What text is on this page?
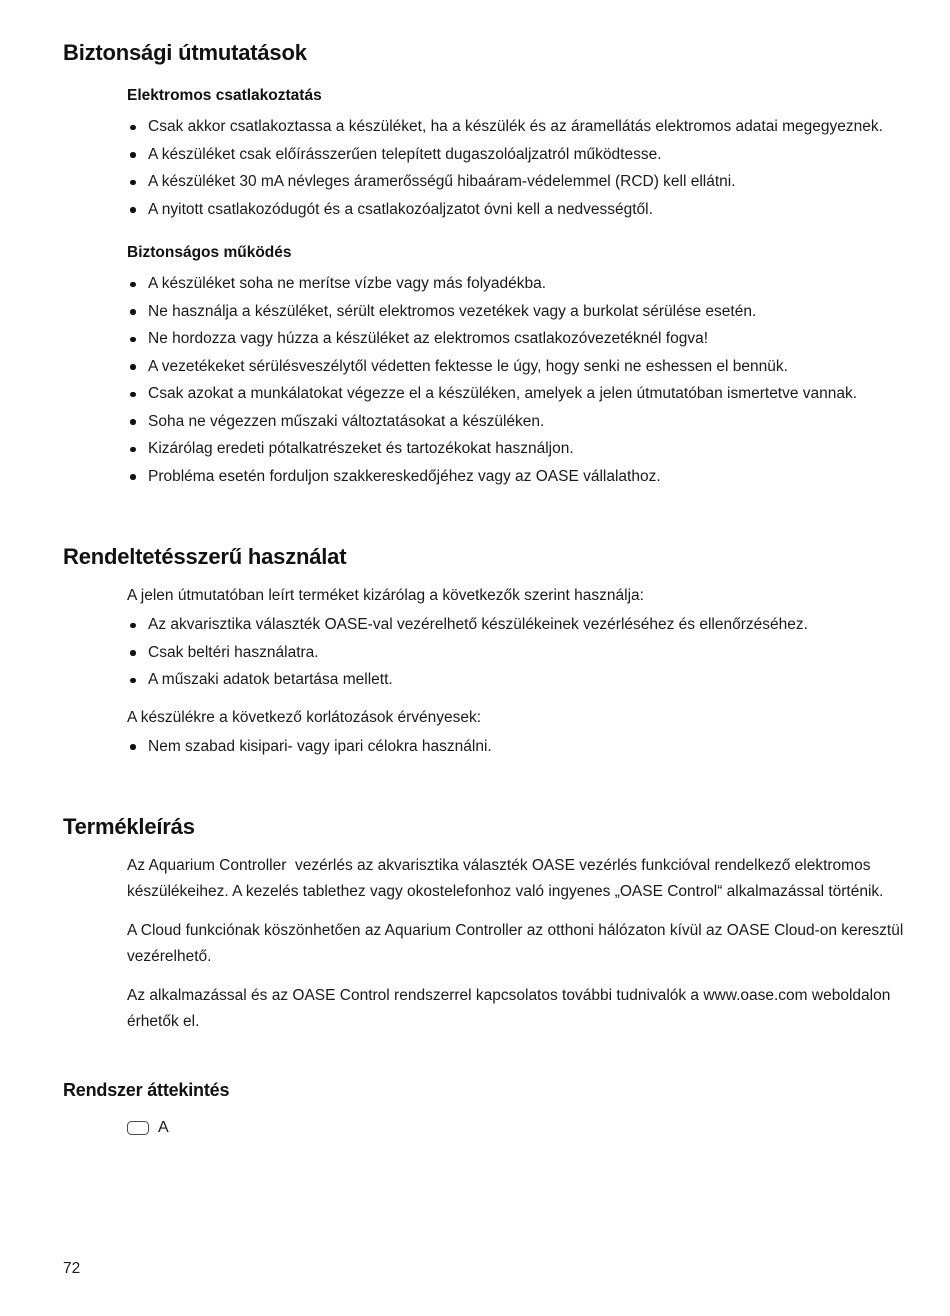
Biztonsági útmutatások
Elektromos csatlakoztatás
Csak akkor csatlakoztassa a készüléket, ha a készülék és az áramellátás elektromos adatai megegyeznek.
A készüléket csak előírásszerűen telepített dugaszolóaljzatról működtesse.
A készüléket 30 mA névleges áramerősségű hibaáram-védelemmel (RCD) kell ellátni.
A nyitott csatlakozódugót és a csatlakozóaljzatot óvni kell a nedvességtől.
Biztonságos működés
A készüléket soha ne merítse vízbe vagy más folyadékba.
Ne használja a készüléket, sérült elektromos vezetékek vagy a burkolat sérülése esetén.
Ne hordozza vagy húzza a készüléket az elektromos csatlakozóvezetéknél fogva!
A vezetékeket sérülésveszélytől védetten fektesse le úgy, hogy senki ne eshessen el bennük.
Csak azokat a munkálatokat végezze el a készüléken, amelyek a jelen útmutatóban ismertetve vannak.
Soha ne végezzen műszaki változtatásokat a készüléken.
Kizárólag eredeti pótalkatrészeket és tartozékokat használjon.
Probléma esetén forduljon szakkereskedőjéhez vagy az OASE vállalathoz.
Rendeltetésszerű használat

A jelen útmutatóban leírt terméket kizárólag a következők szerint használja:

Az akvarisztika választék OASE-val vezérelhető készülékeinek vezérléséhez és ellenőrzéséhez.
Csak beltéri használatra.
A műszaki adatok betartása mellett.

A készülékre a következő korlátozások érvényesek:

Nem szabad kisipari- vagy ipari célokra használni.
Termékleírás

Az Aquarium Controller  vezérlés az akvarisztika választék OASE vezérlés funkcióval rendelkező elektromos készülékeihez. A kezelés tablethez vagy okostelefonhoz való ingyenes „OASE Control“ alkalmazással történik.

A Cloud funkciónak köszönhetően az Aquarium Controller az otthoni hálózaton kívül az OASE Cloud-on keresztül vezérelhető.

Az alkalmazással és az OASE Control rendszerrel kapcsolatos további tudnivalók a www.oase.com weboldalon érhetők el.

Rendszer áttekintés
A
72
